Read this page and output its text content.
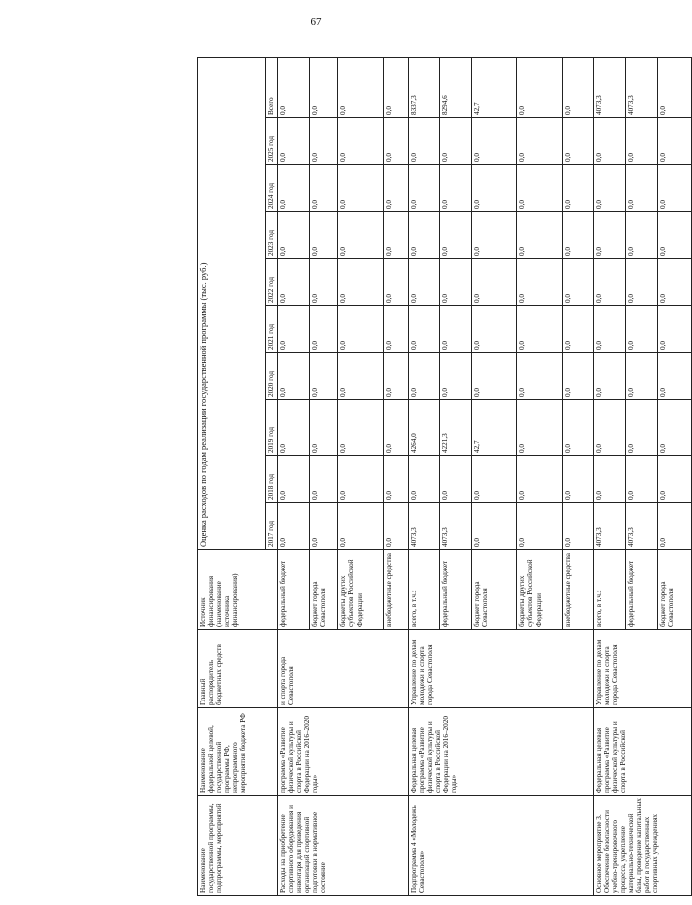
67
Наименование государственной программы, подпрограммы, мероприятий	Наименование федеральной целевой, государственной программы РФ, непрограммного мероприятия бюджета РФ	Главный распорядитель бюджетных средств	Источник финансирования (наименование источника финансирования)	Оценка расходов по годам реализации государственной программы (тыс. руб.)									
				2017 год	2018 год	2019 год	2020 год	2021 год	2022 год	2023 год	2024 год	2025 год	Всего
Расходы на приобретение спортивного оборудования и инвентаря для приведения организаций спортивной подготовки в нормативное состояние	программа «Развитие физической культуры и спорта в Российской Федерации на 2016–2020 годы»	и спорта города Севастополя	федеральный бюджет	0,0	0,0	0,0	0,0	0,0	0,0	0,0	0,0	0,0	0,0
			бюджет города Севастополя	0,0	0,0	0,0	0,0	0,0	0,0	0,0	0,0	0,0	0,0
			бюджеты других субъектов Российской Федерации	0,0	0,0	0,0	0,0	0,0	0,0	0,0	0,0	0,0	0,0
			внебюджетные средства	0,0	0,0	0,0	0,0	0,0	0,0	0,0	0,0	0,0	0,0
Подпрограмма 4 «Молодежь Севастополя»	Федеральная целевая программа «Развитие физической культуры и спорта в Российской Федерации на 2016–2020 годы»	Управление по делам молодежи и спорта города Севастополя	всего, в т.ч.:	4073,3	0,0	4264,0	0,0	0,0	0,0	0,0	0,0	0,0	8337,3
			федеральный бюджет	4073,3	0,0	4221,3	0,0	0,0	0,0	0,0	0,0	0,0	8294,6
			бюджет города Севастополя	0,0	0,0	42,7	0,0	0,0	0,0	0,0	0,0	0,0	42,7
			бюджеты других субъектов Российской Федерации	0,0	0,0	0,0	0,0	0,0	0,0	0,0	0,0	0,0	0,0
			внебюджетные средства	0,0	0,0	0,0	0,0	0,0	0,0	0,0	0,0	0,0	0,0
Основное мероприятие 3. Обеспечение безопасности учебно-тренировочного процесса, укрепление материально-технической базы, проведение капитальных работ в государственных спортивных учреждениях	Федеральная целевая программа «Развитие физической культуры и спорта в Российской	Управление по делам молодежи и спорта города Севастополя	всего, в т.ч.:	4073,3	0,0	0,0	0,0	0,0	0,0	0,0	0,0	0,0	4073,3
			федеральный бюджет	4073,3	0,0	0,0	0,0	0,0	0,0	0,0	0,0	0,0	4073,3
			бюджет города Севастополя	0,0	0,0	0,0	0,0	0,0	0,0	0,0	0,0	0,0	0,0
